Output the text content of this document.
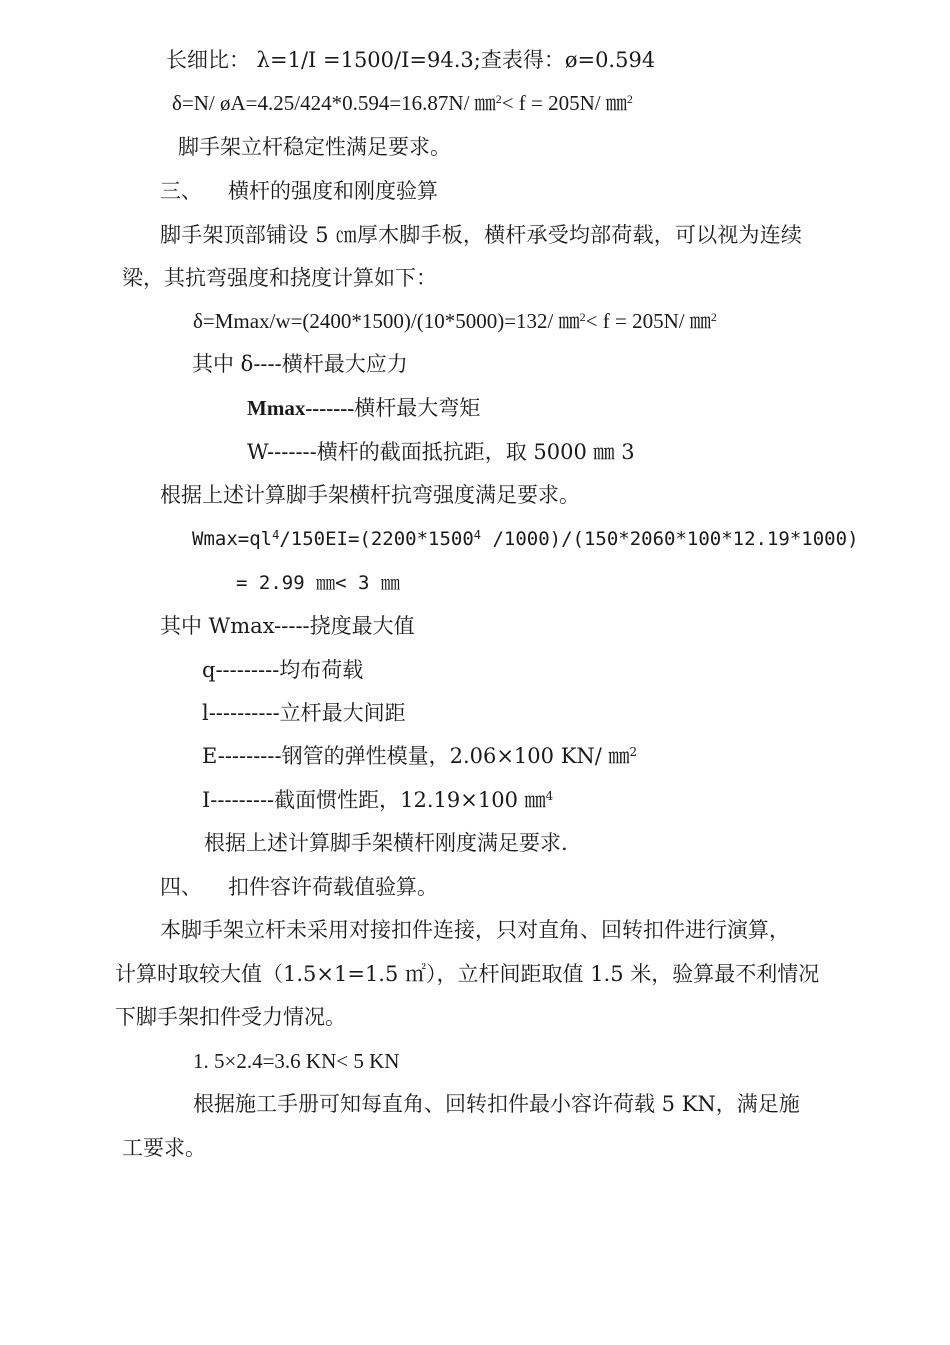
长细比： λ=1/I =1500/I=94.3;查表得：ø=0.594
δ=N/ øA=4.25/424*0.594=16.87N/ ㎜$^2$< f = 205N/ ㎜$^2$
脚手架立杆稳定性满足要求。
三、 横杆的强度和刚度验算
脚手架顶部铺设 5 ㎝厚木脚手板，横杆承受均部荷载，可以视为连续
梁，其抗弯强度和挠度计算如下：
δ=Mmax/w=(2400*1500)/(10*5000)=132/ ㎜$^2$< f = 205N/ ㎜$^2$
其中 δ----横杆最大应力
Mmax-------横杆最大弯矩
W-------横杆的截面抵抗距，取 5000 ㎜ 3
根据上述计算脚手架横杆抗弯强度满足要求。
$Wmax=ql^4/150EI=(2200*1500^4$ /1000)/(150*2060*100*12.19*1000)
= 2.99 ㎜< 3 ㎜
其中 Wmax-----挠度最大值
q---------均布荷载
l----------立杆最大间距
E---------钢管的弹性模量，2.06×100 KN/ ㎜$^2$
I---------截面惯性距，12.19×100 ㎜$^4$
根据上述计算脚手架横杆刚度满足要求.
四、 扣件容许荷载值验算。
本脚手架立杆未采用对接扣件连接，只对直角、回转扣件进行演算，
计算时取较大值（1.5×1=1.5 ㎡），立杆间距取值 1.5 米，验算最不利情况
下脚手架扣件受力情况。
1. 5×2.4=3.6 KN< 5 KN
根据施工手册可知每直角、回转扣件最小容许荷载 5 KN，满足施
工要求。
